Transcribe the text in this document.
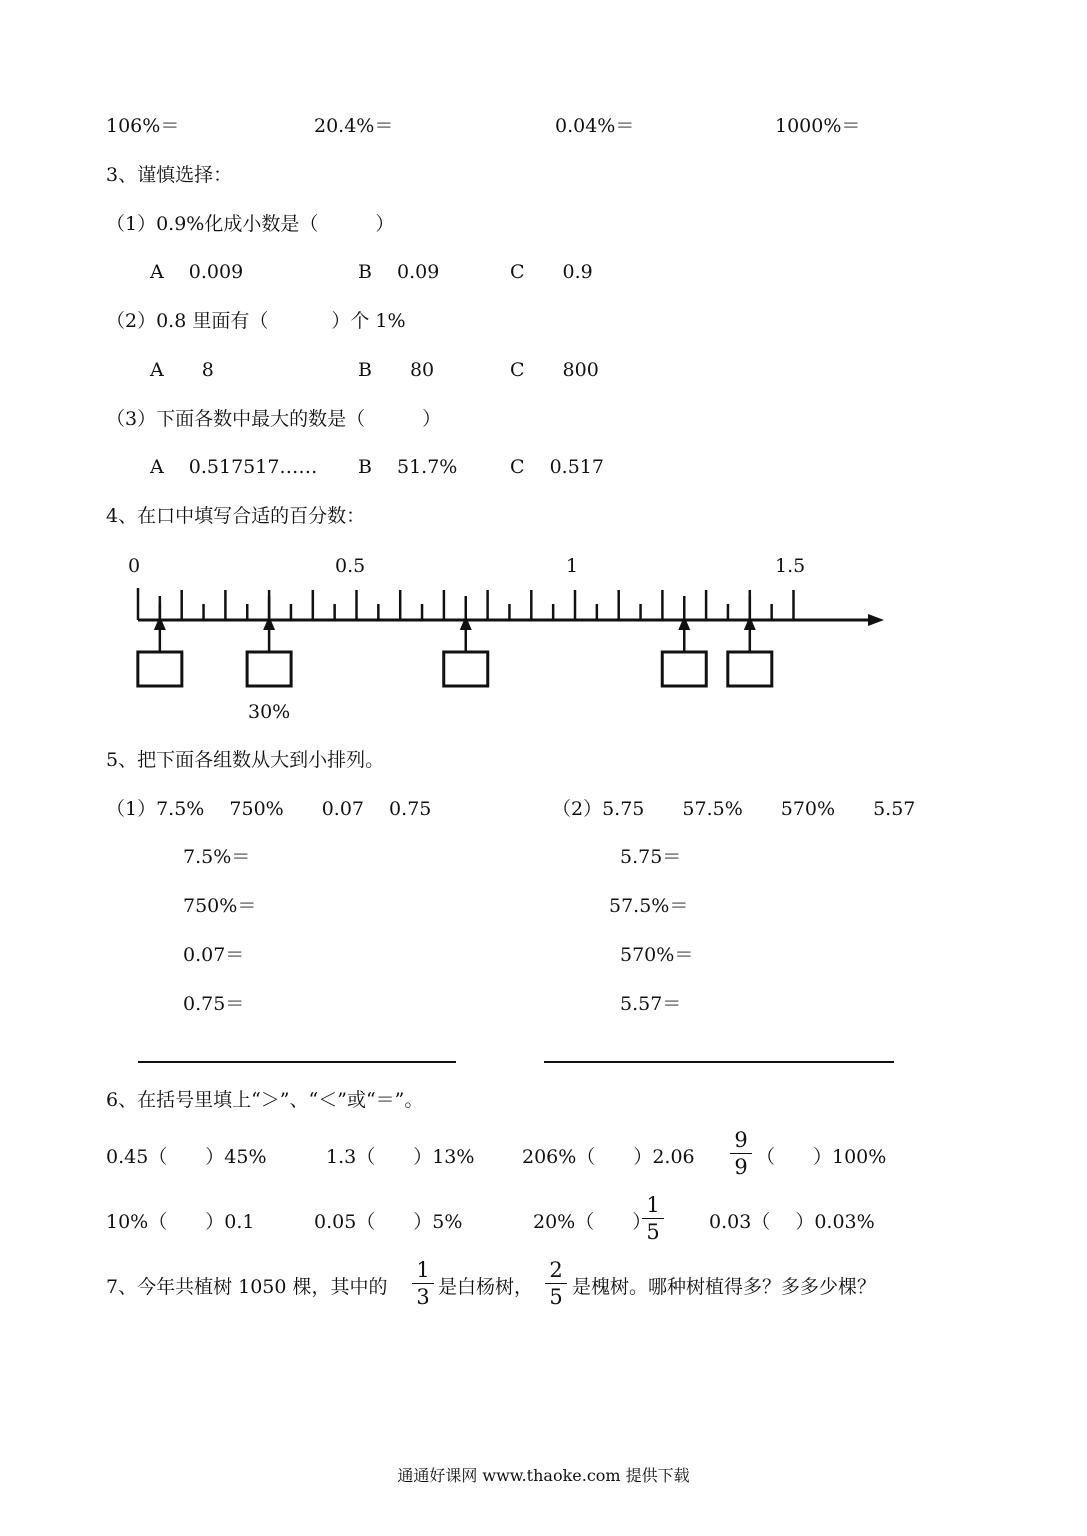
106%＝	20.4%＝	0.04%＝	1000%＝
3、谨慎选择：
（1）0.9%化成小数是（　　　）
A　 0.009	B　 0.09	C　　0.9
（2）0.8 里面有（　　　 ）个 1%
A　　8	B　　80	C　　800
（3）下面各数中最大的数是（　　　）
A　 0.517517…… B　 51.7%	C　 0.517
4、在口中填写合适的百分数：
0	0.5	1	1.5
30%
5、把下面各组数从大到小排列。
（1）7.5%　 750%　　0.07　 0.75	（2）5.75　　57.5%　　570%　　5.57
7.5%＝
750%＝
0.07＝
0.75＝
5.75＝
57.5%＝
570%＝
5.57＝
6、在括号里填上“＞”、“＜”或“＝”。
0.45（　　）45%	1.3（　　）13%	206%（　　）2.06
9
9 （　　）100%
10%（　　）0.1	0.05（　　）5%	20%（　　）
1
5	0.03（　 ）0.03%
7、今年共植树 1050 棵，其中的
1
3 是白杨树，
2
5 是槐树。哪种树植得多？多多少棵？
通通好课网 www.thaoke.com 提供下载
